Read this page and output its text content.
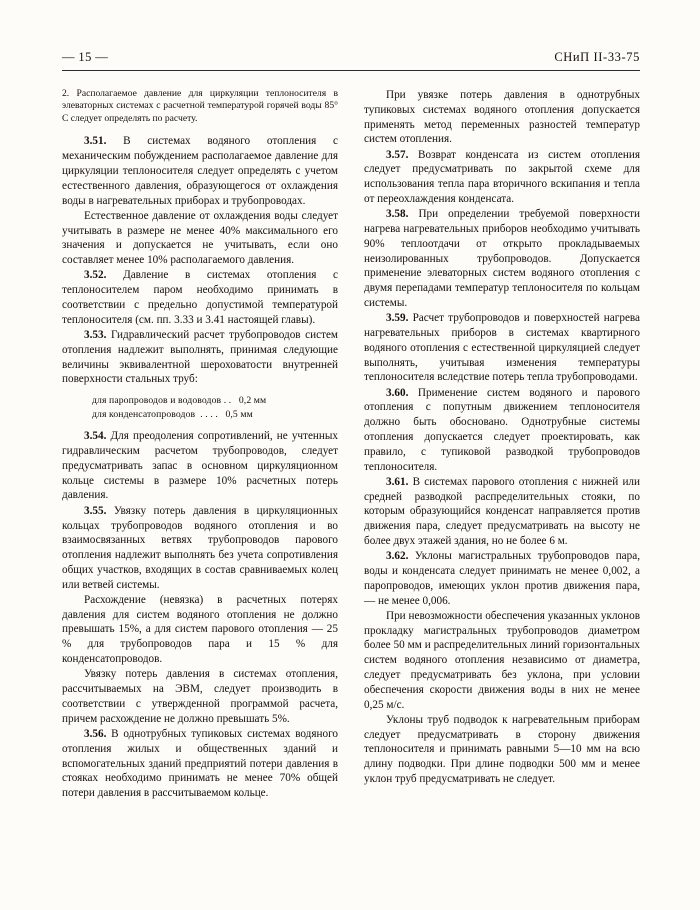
— 15 —	СНиП II-33-75
2. Располагаемое давление для циркуляции теплоносителя в элеваторных системах с расчетной температурой горячей воды 85° С следует определять по расчету.

3.51. В системах водяного отопления с механическим побуждением располагаемое давление для циркуляции теплоносителя следует определять с учетом естественного давления, образующегося от охлаждения воды в нагревательных приборах и трубопроводах.

Естественное давление от охлаждения воды следует учитывать в размере не менее 40% максимального его значения и допускается не учитывать, если оно составляет менее 10% располагаемого давления.

3.52. Давление в системах отопления с теплоносителем паром необходимо принимать в соответствии с предельно допустимой температурой теплоносителя (см. пп. 3.33 и 3.41 настоящей главы).

3.53. Гидравлический расчет трубопроводов систем отопления надлежит выполнять, принимая следующие величины эквивалентной шероховатости внутренней поверхности стальных труб:

для паропроводов и водоводов . .   0,2 мм
для конденсатопроводов  . . . .   0,5 мм

3.54. Для преодоления сопротивлений, не учтенных гидравлическим расчетом трубопроводов, следует предусматривать запас в основном циркуляционном кольце системы в размере 10% расчетных потерь давления.

3.55. Увязку потерь давления в циркуляционных кольцах трубопроводов водяного отопления и во взаимосвязанных ветвях трубопроводов парового отопления надлежит выполнять без учета сопротивления общих участков, входящих в состав сравниваемых колец или ветвей системы.

Расхождение (невязка) в расчетных потерях давления для систем водяного отопления не должно превышать 15%, а для систем парового отопления — 25 % для трубопроводов пара и 15 % для конденсатопроводов.

Увязку потерь давления в системах отопления, рассчитываемых на ЭВМ, следует производить в соответствии с утвержденной программой расчета, причем расхождение не должно превышать 5%.

3.56. В однотрубных тупиковых системах водяного отопления жилых и общественных зданий и вспомогательных зданий предприятий потери давления в стояках необходимо принимать не менее 70% общей потери давления в рассчитываемом кольце.

При увязке потерь давления в однотрубных тупиковых системах водяного отопления допускается применять метод переменных разностей температур систем отопления.

3.57. Возврат конденсата из систем отопления следует предусматривать по закрытой схеме для использования тепла пара вторичного вскипания и тепла от переохлаждения конденсата.

3.58. При определении требуемой поверхности нагрева нагревательных приборов необходимо учитывать 90% теплоотдачи от открыто прокладываемых неизолированных трубопроводов. Допускается применение элеваторных систем водяного отопления с двумя перепадами температур теплоносителя по кольцам системы.

3.59. Расчет трубопроводов и поверхностей нагрева нагревательных приборов в системах квартирного водяного отопления с естественной циркуляцией следует выполнять, учитывая изменения температуры теплоносителя вследствие потерь тепла трубопроводами.

3.60. Применение систем водяного и парового отопления с попутным движением теплоносителя должно быть обосновано. Однотрубные системы отопления допускается следует проектировать, как правило, с тупиковой разводкой трубопроводов теплоносителя.

3.61. В системах парового отопления с нижней или средней разводкой распределительных стояки, по которым образующийся конденсат направляется против движения пара, следует предусматривать на высоту не более двух этажей здания, но не более 6 м.

3.62. Уклоны магистральных трубопроводов пара, воды и конденсата следует принимать не менее 0,002, а паропроводов, имеющих уклон против движения пара, — не менее 0,006.

При невозможности обеспечения указанных уклонов прокладку магистральных трубопроводов диаметром более 50 мм и распределительных линий горизонтальных систем водяного отопления независимо от диаметра, следует предусматривать без уклона, при условии обеспечения скорости движения воды в них не менее 0,25 м/с.

Уклоны труб подводок к нагревательным приборам следует предусматривать в сторону движения теплоносителя и принимать равными 5—10 мм на всю длину подводки. При длине подводки 500 мм и менее уклон труб предусматривать не следует.
